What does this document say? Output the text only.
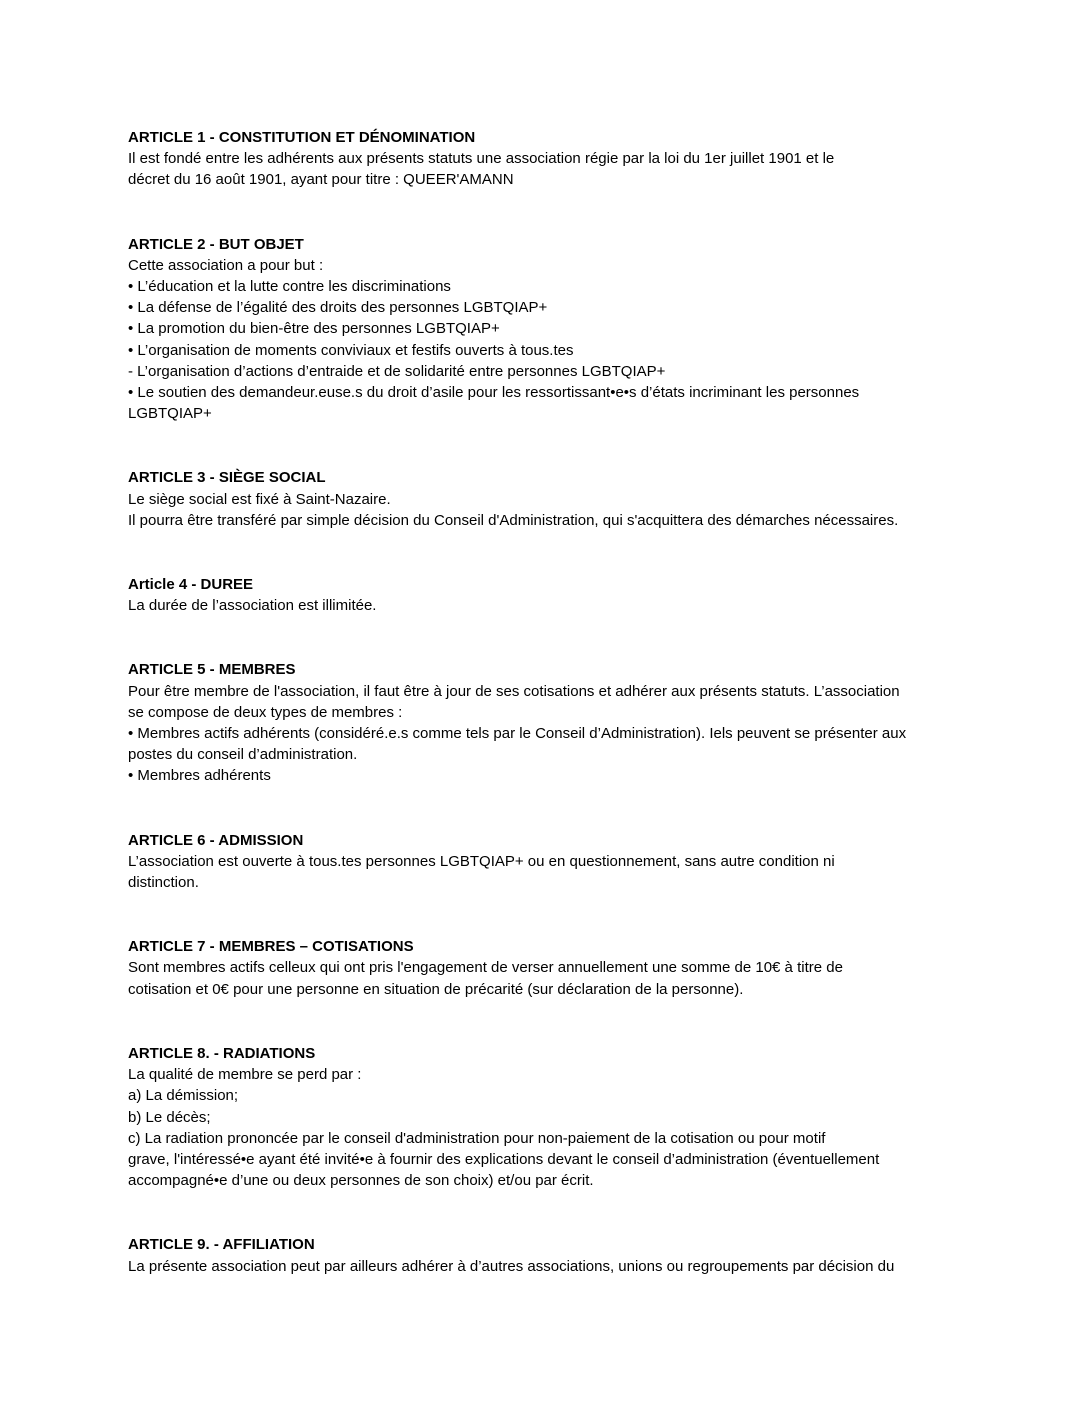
ARTICLE 1 - CONSTITUTION ET DÉNOMINATION

Il est fondé entre les adhérents aux présents statuts une association régie par la loi du 1er juillet 1901 et le

décret du 16 août 1901, ayant pour titre : QUEER'AMANN

ARTICLE 2 - BUT OBJET

Cette association a pour but :

• L’éducation et la lutte contre les discriminations

• La défense de l’égalité des droits des personnes LGBTQIAP+

• La promotion du bien-être des personnes LGBTQIAP+

• L’organisation de moments conviviaux et festifs ouverts à tous.tes

- L’organisation d’actions d’entraide et de solidarité entre personnes LGBTQIAP+

• Le soutien des demandeur.euse.s du droit d’asile pour les ressortissant•e•s d’états incriminant les personnes

LGBTQIAP+

ARTICLE 3 - SIÈGE SOCIAL

Le siège social est fixé à Saint-Nazaire.

Il pourra être transféré par simple décision du Conseil d'Administration, qui s'acquittera des démarches nécessaires.

Article 4 - DUREE

La durée de l’association est illimitée.

ARTICLE 5 - MEMBRES

Pour être membre de l'association, il faut être à jour de ses cotisations et adhérer aux présents statuts. L’association

se compose de deux types de membres :

• Membres actifs adhérents (considéré.e.s comme tels par le Conseil d’Administration). Iels peuvent se présenter aux

postes du conseil d’administration.

• Membres adhérents

ARTICLE 6 - ADMISSION

L’association est ouverte à tous.tes personnes LGBTQIAP+ ou en questionnement, sans autre condition ni

distinction.

ARTICLE 7 - MEMBRES – COTISATIONS

Sont membres actifs celleux qui ont pris l'engagement de verser annuellement une somme de 10€ à titre de

cotisation et 0€ pour une personne en situation de précarité (sur déclaration de la personne).

ARTICLE 8. - RADIATIONS

La qualité de membre se perd par :

a) La démission;

b) Le décès;

c) La radiation prononcée par le conseil d'administration pour non-paiement de la cotisation ou pour motif

grave, l'intéressé•e ayant été invité•e à fournir des explications devant le conseil d’administration (éventuellement

accompagné•e d’une ou deux personnes de son choix) et/ou par écrit.

ARTICLE 9. - AFFILIATION

La présente association peut par ailleurs adhérer à d’autres associations, unions ou regroupements par décision du
